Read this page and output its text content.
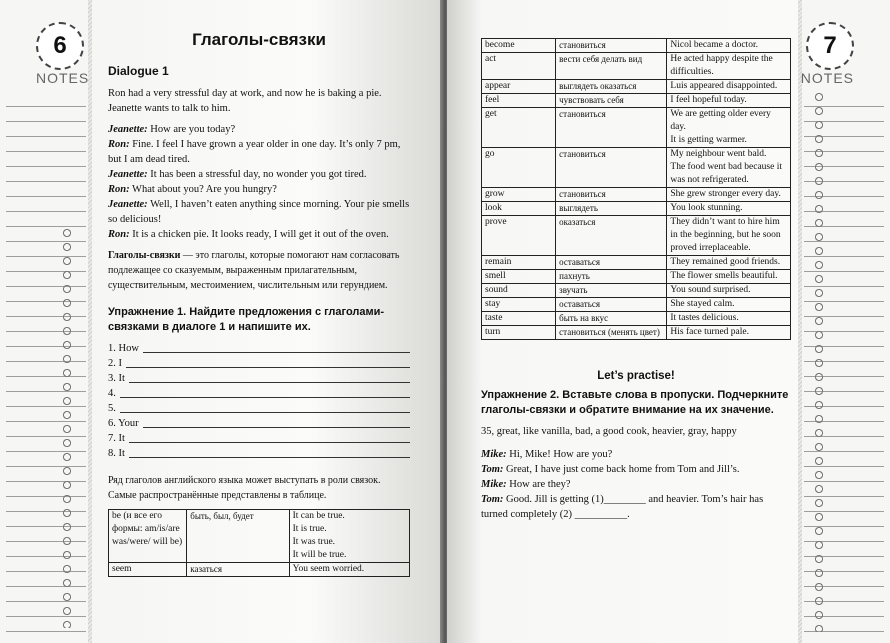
6
NOTES
Глаголы-связки
Dialogue 1

Ron had a very stressful day at work, and now he is baking a pie. Jeanette wants to talk to him.

Jeanette: How are you today?

Ron: Fine. I feel I have grown a year older in one day. It’s only 7 pm, but I am dead tired.

Jeanette: It has been a stressful day, no wonder you got tired.

Ron: What about you? Are you hungry?

Jeanette: Well, I haven’t eaten anything since morning. Your pie smells so delicious!

Ron: It is a chicken pie. It looks ready, I will get it out of the oven.

Глаголы-связки — это глаголы, которые помогают нам согласовать подлежащее со сказуемым, выраженным прилагательным, существительным, местоимением, числительным или герундием.

Упражнение 1. Найдите предложения с глаголами-связками в диалоге 1 и напишите их.
1. How
2. I
3. It
4.
5.
6. Your
7. It
8. It

Ряд глаголов английского языка может выступать в роли связок. Самые распространённые представлены в таблице.

be (и все его формы: am/is/are was/were/ will be)	быть, был, будет	It can be true.
It is true.
It was true.
It will be true.
seem	казаться	You seem worried.
7
NOTES
become	становиться	Nicol became a doctor.
act	вести себя делать вид	He acted happy despite the difficulties.
appear	выглядеть оказаться	Luis appeared disappointed.
feel	чувствовать себя	I feel hopeful today.
get	становиться	We are getting older every day.
It is getting warmer.
go	становиться	My neighbour went bald.
The food went bad because it was not refrigerated.
grow	становиться	She grew stronger every day.
look	выглядеть	You look stunning.
prove	оказаться	They didn’t want to hire him in the beginning, but he soon proved irreplaceable.
remain	оставаться	They remained good friends.
smell	пахнуть	The flower smells beautiful.
sound	звучать	You sound surprised.
stay	оставаться	She stayed calm.
taste	быть на вкус	It tastes delicious.
turn	становиться (менять цвет)	His face turned pale.
Let’s practise!
Упражнение 2. Вставьте слова в пропуски. Подчеркните глаголы-связки и обратите внимание на их значение.

35, great, like vanilla, bad, a good cook, heavier, gray, happy

Mike: Hi, Mike! How are you?

Tom: Great, I have just come back home from Tom and Jill’s.

Mike: How are they?

Tom: Good. Jill is getting (1)________ and heavier. Tom’s hair has turned completely (2) __________.
